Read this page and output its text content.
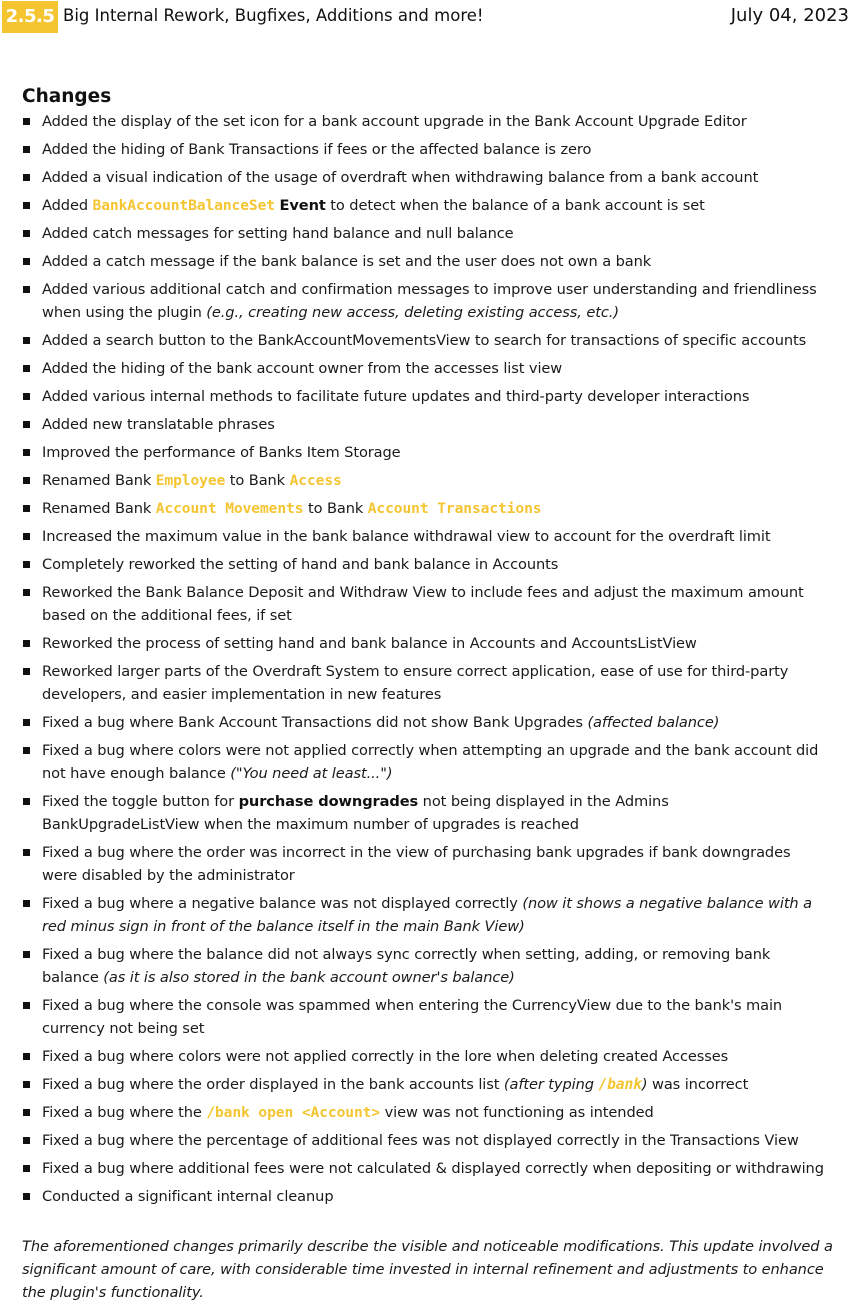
2.5.5 Big Internal Rework, Bugfixes, Additions and more!	July 04, 2023
Changes
Added the display of the set icon for a bank account upgrade in the Bank Account Upgrade Editor
Added the hiding of Bank Transactions if fees or the affected balance is zero
Added a visual indication of the usage of overdraft when withdrawing balance from a bank account
Added BankAccountBalanceSet Event to detect when the balance of a bank account is set
Added catch messages for setting hand balance and null balance
Added a catch message if the bank balance is set and the user does not own a bank
Added various additional catch and confirmation messages to improve user understanding and friendliness when using the plugin (e.g., creating new access, deleting existing access, etc.)
Added a search button to the BankAccountMovementsView to search for transactions of specific accounts
Added the hiding of the bank account owner from the accesses list view
Added various internal methods to facilitate future updates and third-party developer interactions
Added new translatable phrases
Improved the performance of Banks Item Storage
Renamed Bank Employee to Bank Access
Renamed Bank Account Movements to Bank Account Transactions
Increased the maximum value in the bank balance withdrawal view to account for the overdraft limit
Completely reworked the setting of hand and bank balance in Accounts
Reworked the Bank Balance Deposit and Withdraw View to include fees and adjust the maximum amount based on the additional fees, if set
Reworked the process of setting hand and bank balance in Accounts and AccountsListView
Reworked larger parts of the Overdraft System to ensure correct application, ease of use for third-party developers, and easier implementation in new features
Fixed a bug where Bank Account Transactions did not show Bank Upgrades (affected balance)
Fixed a bug where colors were not applied correctly when attempting an upgrade and the bank account did not have enough balance ("You need at least...")
Fixed the toggle button for purchase downgrades not being displayed in the Admins BankUpgradeListView when the maximum number of upgrades is reached
Fixed a bug where the order was incorrect in the view of purchasing bank upgrades if bank downgrades were disabled by the administrator
Fixed a bug where a negative balance was not displayed correctly (now it shows a negative balance with a red minus sign in front of the balance itself in the main Bank View)
Fixed a bug where the balance did not always sync correctly when setting, adding, or removing bank balance (as it is also stored in the bank account owner's balance)
Fixed a bug where the console was spammed when entering the CurrencyView due to the bank's main currency not being set
Fixed a bug where colors were not applied correctly in the lore when deleting created Accesses
Fixed a bug where the order displayed in the bank accounts list (after typing /bank) was incorrect
Fixed a bug where the /bank open <Account> view was not functioning as intended
Fixed a bug where the percentage of additional fees was not displayed correctly in the Transactions View
Fixed a bug where additional fees were not calculated & displayed correctly when depositing or withdrawing
Conducted a significant internal cleanup
The aforementioned changes primarily describe the visible and noticeable modifications. This update involved a significant amount of care, with considerable time invested in internal refinement and adjustments to enhance the plugin's functionality.
